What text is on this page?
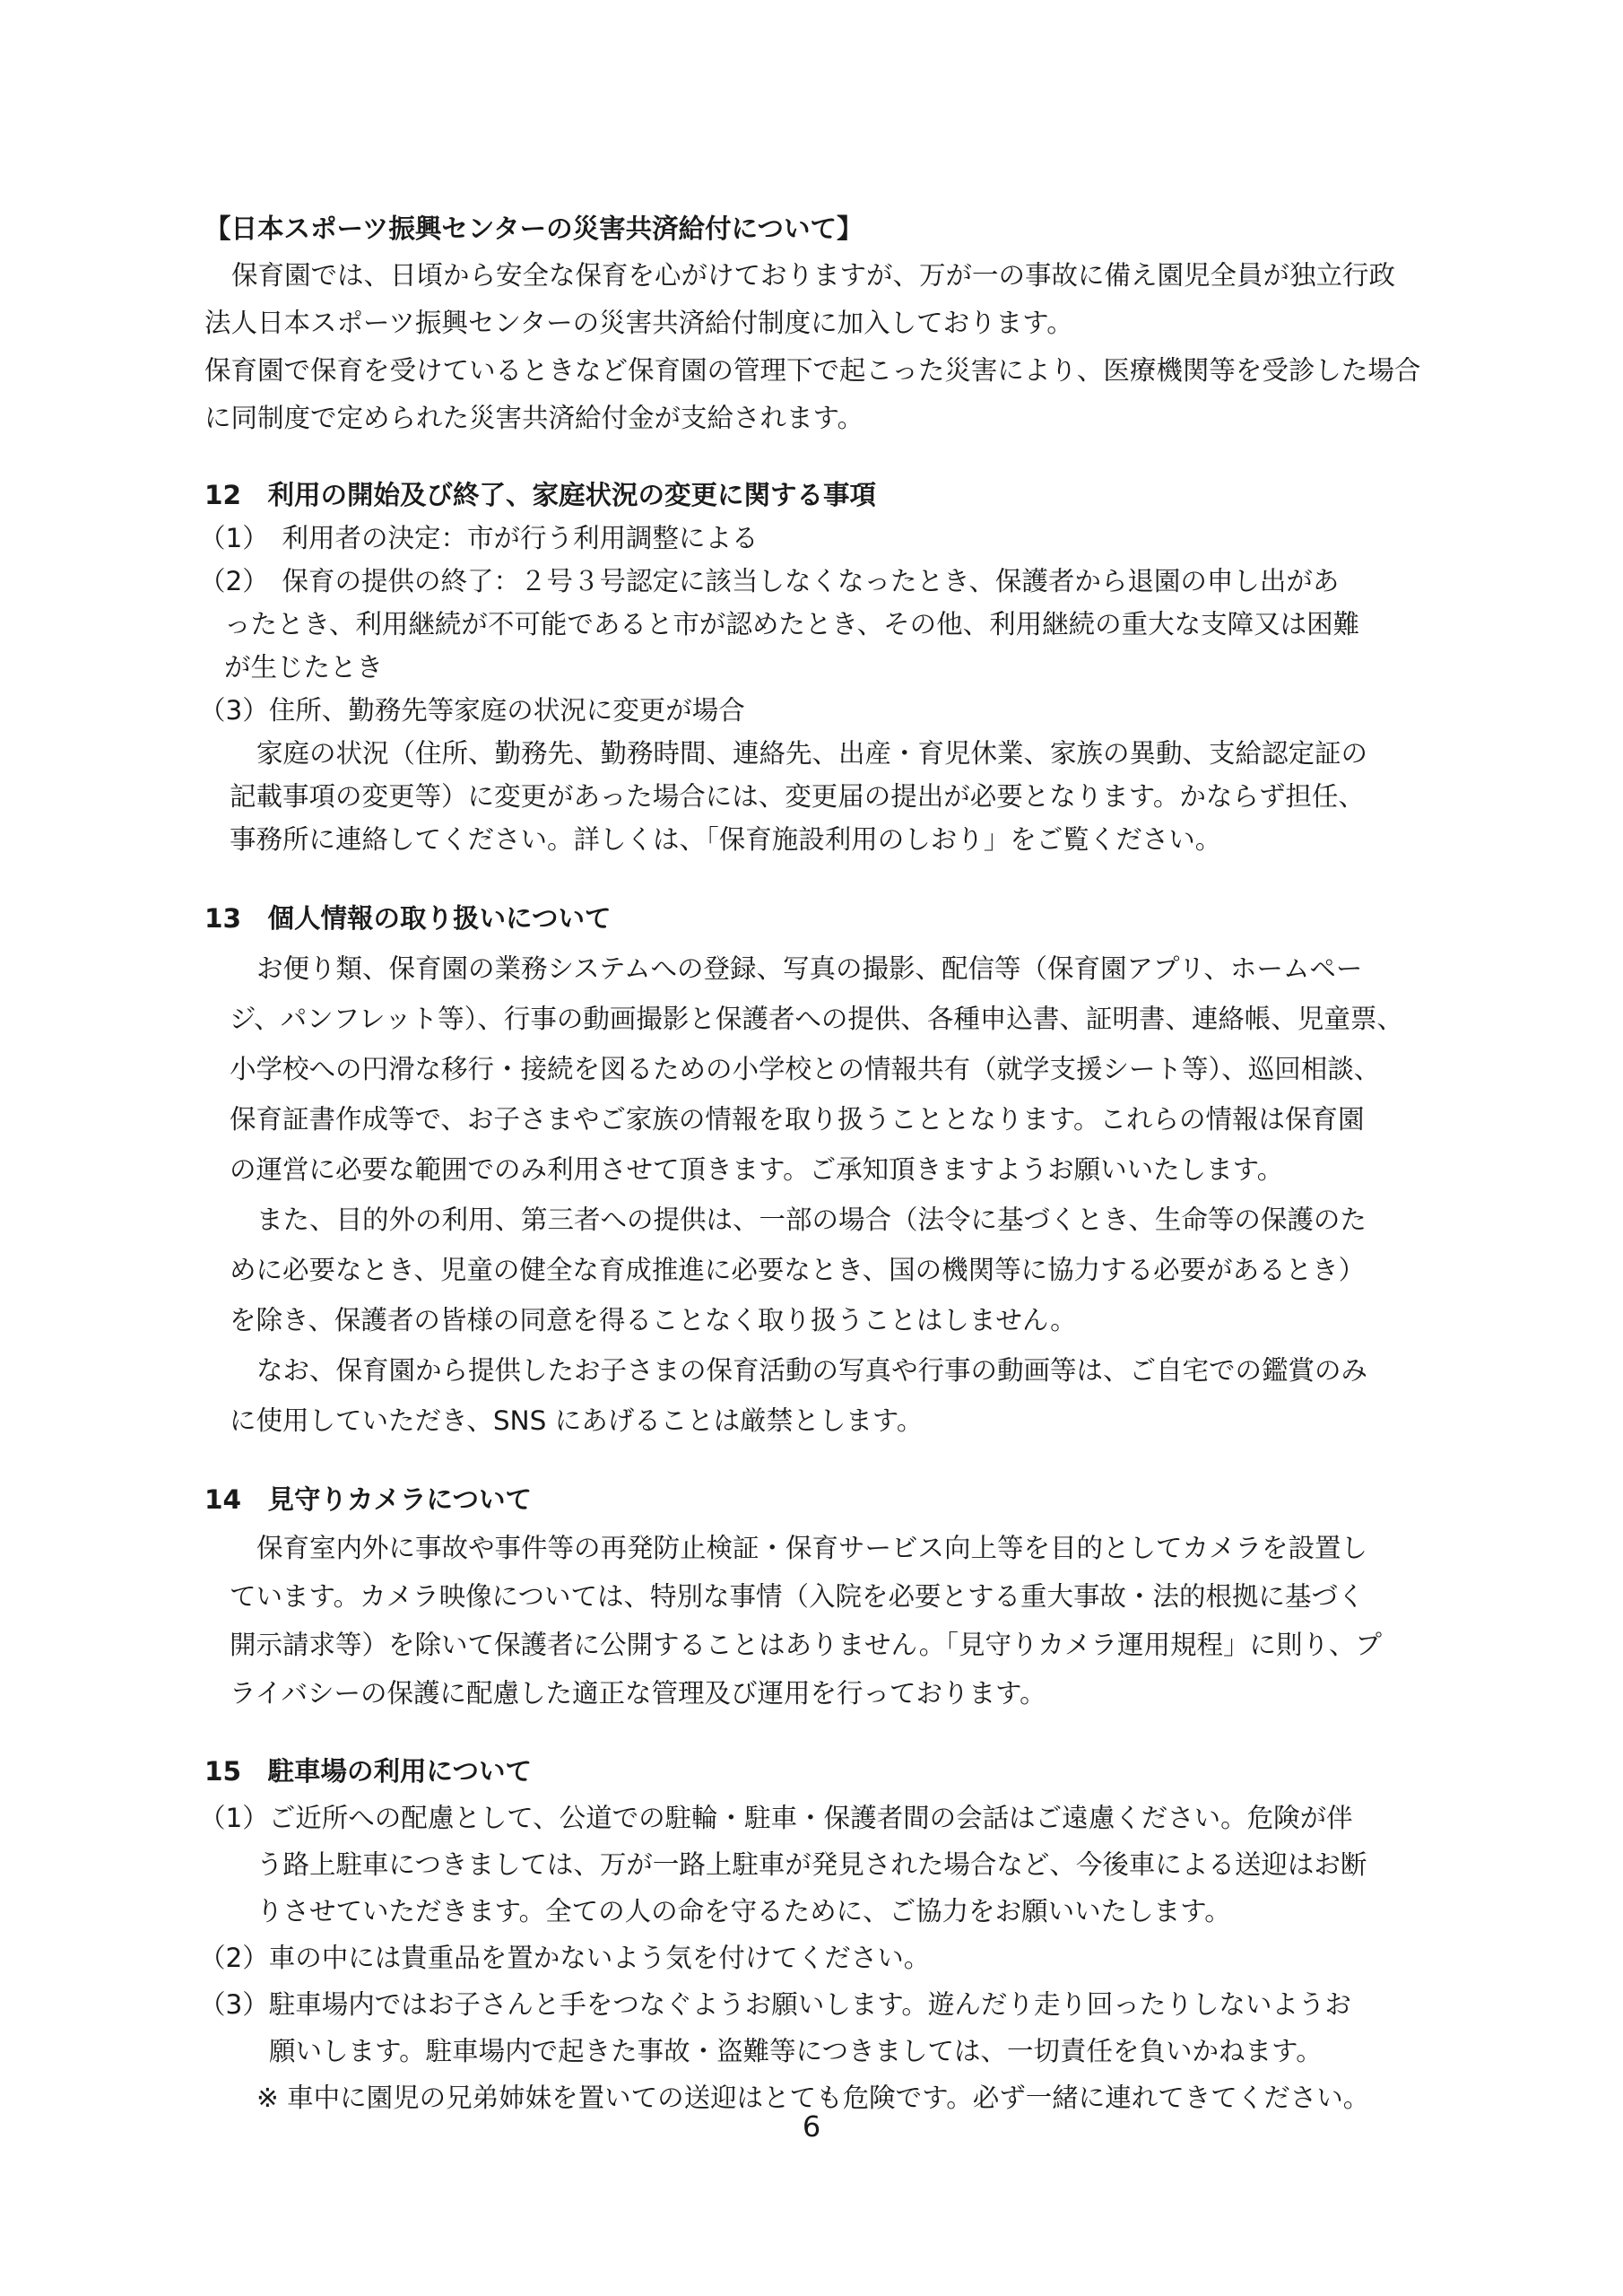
【日本スポーツ振興センターの災害共済給付について】
保育園では、日頃から安全な保育を心がけておりますが、万が一の事故に備え園児全員が独立行政
法人日本スポーツ振興センターの災害共済給付制度に加入しております。
保育園で保育を受けているときなど保育園の管理下で起こった災害により、医療機関等を受診した場合
に同制度で定められた災害共済給付金が支給されます。
12　利用の開始及び終了、家庭状況の変更に関する事項
（1）　利用者の決定：市が行う利用調整による
（2）　保育の提供の終了：２号３号認定に該当しなくなったとき、保護者から退園の申し出があ
ったとき、利用継続が不可能であると市が認めたとき、その他、利用継続の重大な支障又は困難
が生じたとき
（3）住所、勤務先等家庭の状況に変更が場合
家庭の状況（住所、勤務先、勤務時間、連絡先、出産・育児休業、家族の異動、支給認定証の
記載事項の変更等）に変更があった場合には、変更届の提出が必要となります。かならず担任、
事務所に連絡してください。詳しくは、「保育施設利用のしおり」をご覧ください。
13　個人情報の取り扱いについて
お便り類、保育園の業務システムへの登録、写真の撮影、配信等（保育園アプリ、ホームペー
ジ、パンフレット等）、行事の動画撮影と保護者への提供、各種申込書、証明書、連絡帳、児童票、
小学校への円滑な移行・接続を図るための小学校との情報共有（就学支援シート等）、巡回相談、
保育証書作成等で、お子さまやご家族の情報を取り扱うこととなります。これらの情報は保育園
の運営に必要な範囲でのみ利用させて頂きます。ご承知頂きますようお願いいたします。
また、目的外の利用、第三者への提供は、一部の場合（法令に基づくとき、生命等の保護のた
めに必要なとき、児童の健全な育成推進に必要なとき、国の機関等に協力する必要があるとき）
を除き、保護者の皆様の同意を得ることなく取り扱うことはしません。
なお、保育園から提供したお子さまの保育活動の写真や行事の動画等は、ご自宅での鑑賞のみ
に使用していただき、SNS にあげることは厳禁とします。
14　見守りカメラについて
保育室内外に事故や事件等の再発防止検証・保育サービス向上等を目的としてカメラを設置し
ています。カメラ映像については、特別な事情（入院を必要とする重大事故・法的根拠に基づく
開示請求等）を除いて保護者に公開することはありません。「見守りカメラ運用規程」に則り、プ
ライバシーの保護に配慮した適正な管理及び運用を行っております。
15　駐車場の利用について
（1）ご近所への配慮として、公道での駐輪・駐車・保護者間の会話はご遠慮ください。危険が伴
う路上駐車につきましては、万が一路上駐車が発見された場合など、今後車による送迎はお断
りさせていただきます。全ての人の命を守るために、ご協力をお願いいたします。
（2）車の中には貴重品を置かないよう気を付けてください。
（3）駐車場内ではお子さんと手をつなぐようお願いします。遊んだり走り回ったりしないようお
願いします。駐車場内で起きた事故・盗難等につきましては、一切責任を負いかねます。
※ 車中に園児の兄弟姉妹を置いての送迎はとても危険です。必ず一緒に連れてきてください。
6
